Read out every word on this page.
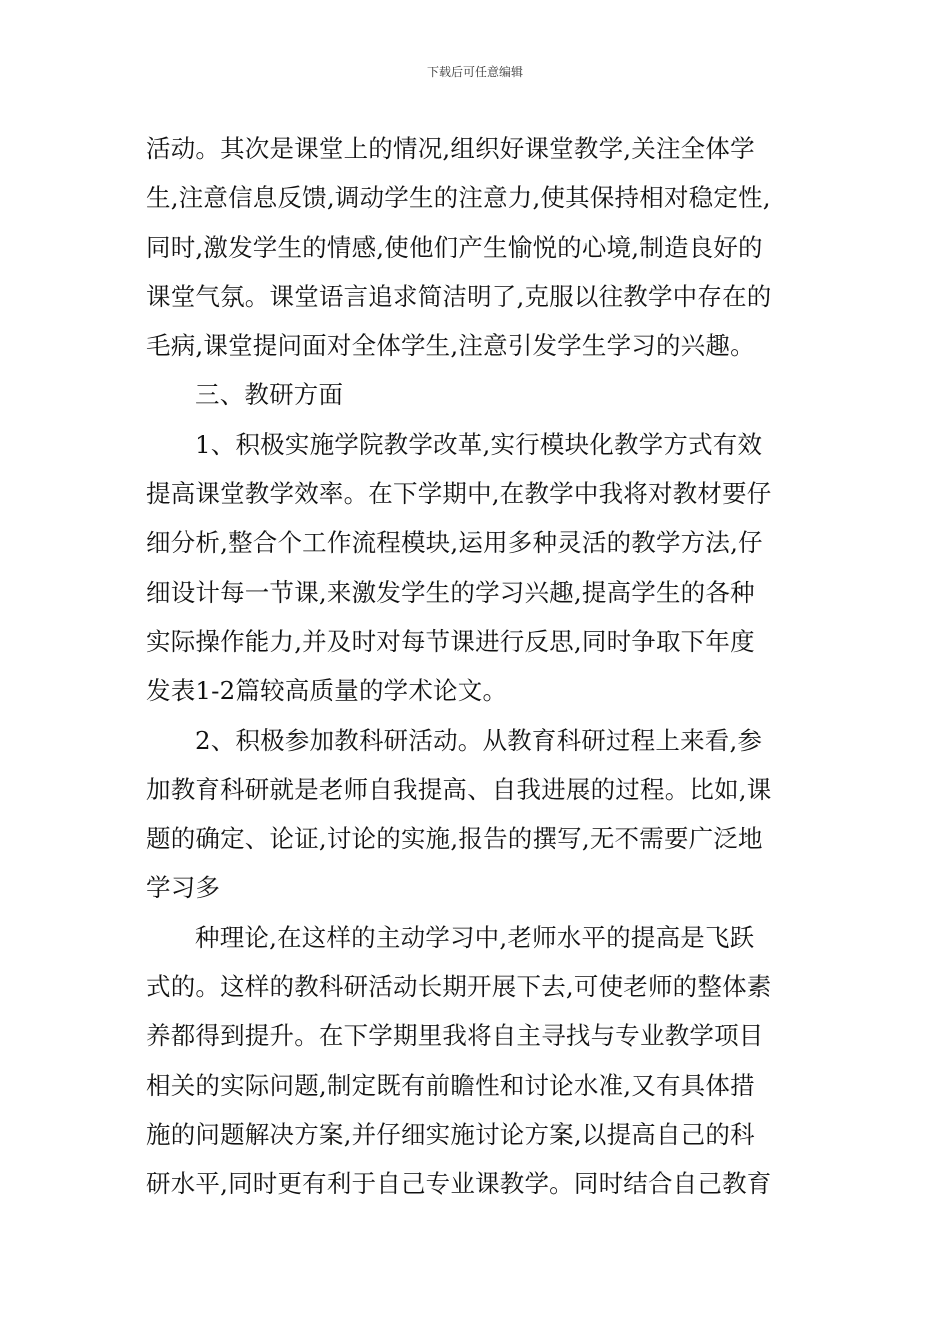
下载后可任意编辑
活动。其次是课堂上的情况,组织好课堂教学,关注全体学
生,注意信息反馈,调动学生的注意力,使其保持相对稳定性,
同时,激发学生的情感,使他们产生愉悦的心境,制造良好的
课堂气氛。课堂语言追求简洁明了,克服以往教学中存在的
毛病,课堂提问面对全体学生,注意引发学生学习的兴趣。
三、教研方面
1、积极实施学院教学改革,实行模块化教学方式有效
提高课堂教学效率。在下学期中,在教学中我将对教材要仔
细分析,整合个工作流程模块,运用多种灵活的教学方法,仔
细设计每一节课,来激发学生的学习兴趣,提高学生的各种
实际操作能力,并及时对每节课进行反思,同时争取下年度
发表1-2篇较高质量的学术论文。
2、积极参加教科研活动。从教育科研过程上来看,参
加教育科研就是老师自我提高、自我进展的过程。比如,课
题的确定、论证,讨论的实施,报告的撰写,无不需要广泛地
学习多
种理论,在这样的主动学习中,老师水平的提高是飞跃
式的。这样的教科研活动长期开展下去,可使老师的整体素
养都得到提升。在下学期里我将自主寻找与专业教学项目
相关的实际问题,制定既有前瞻性和讨论水准,又有具体措
施的问题解决方案,并仔细实施讨论方案,以提高自己的科
研水平,同时更有利于自己专业课教学。同时结合自己教育
